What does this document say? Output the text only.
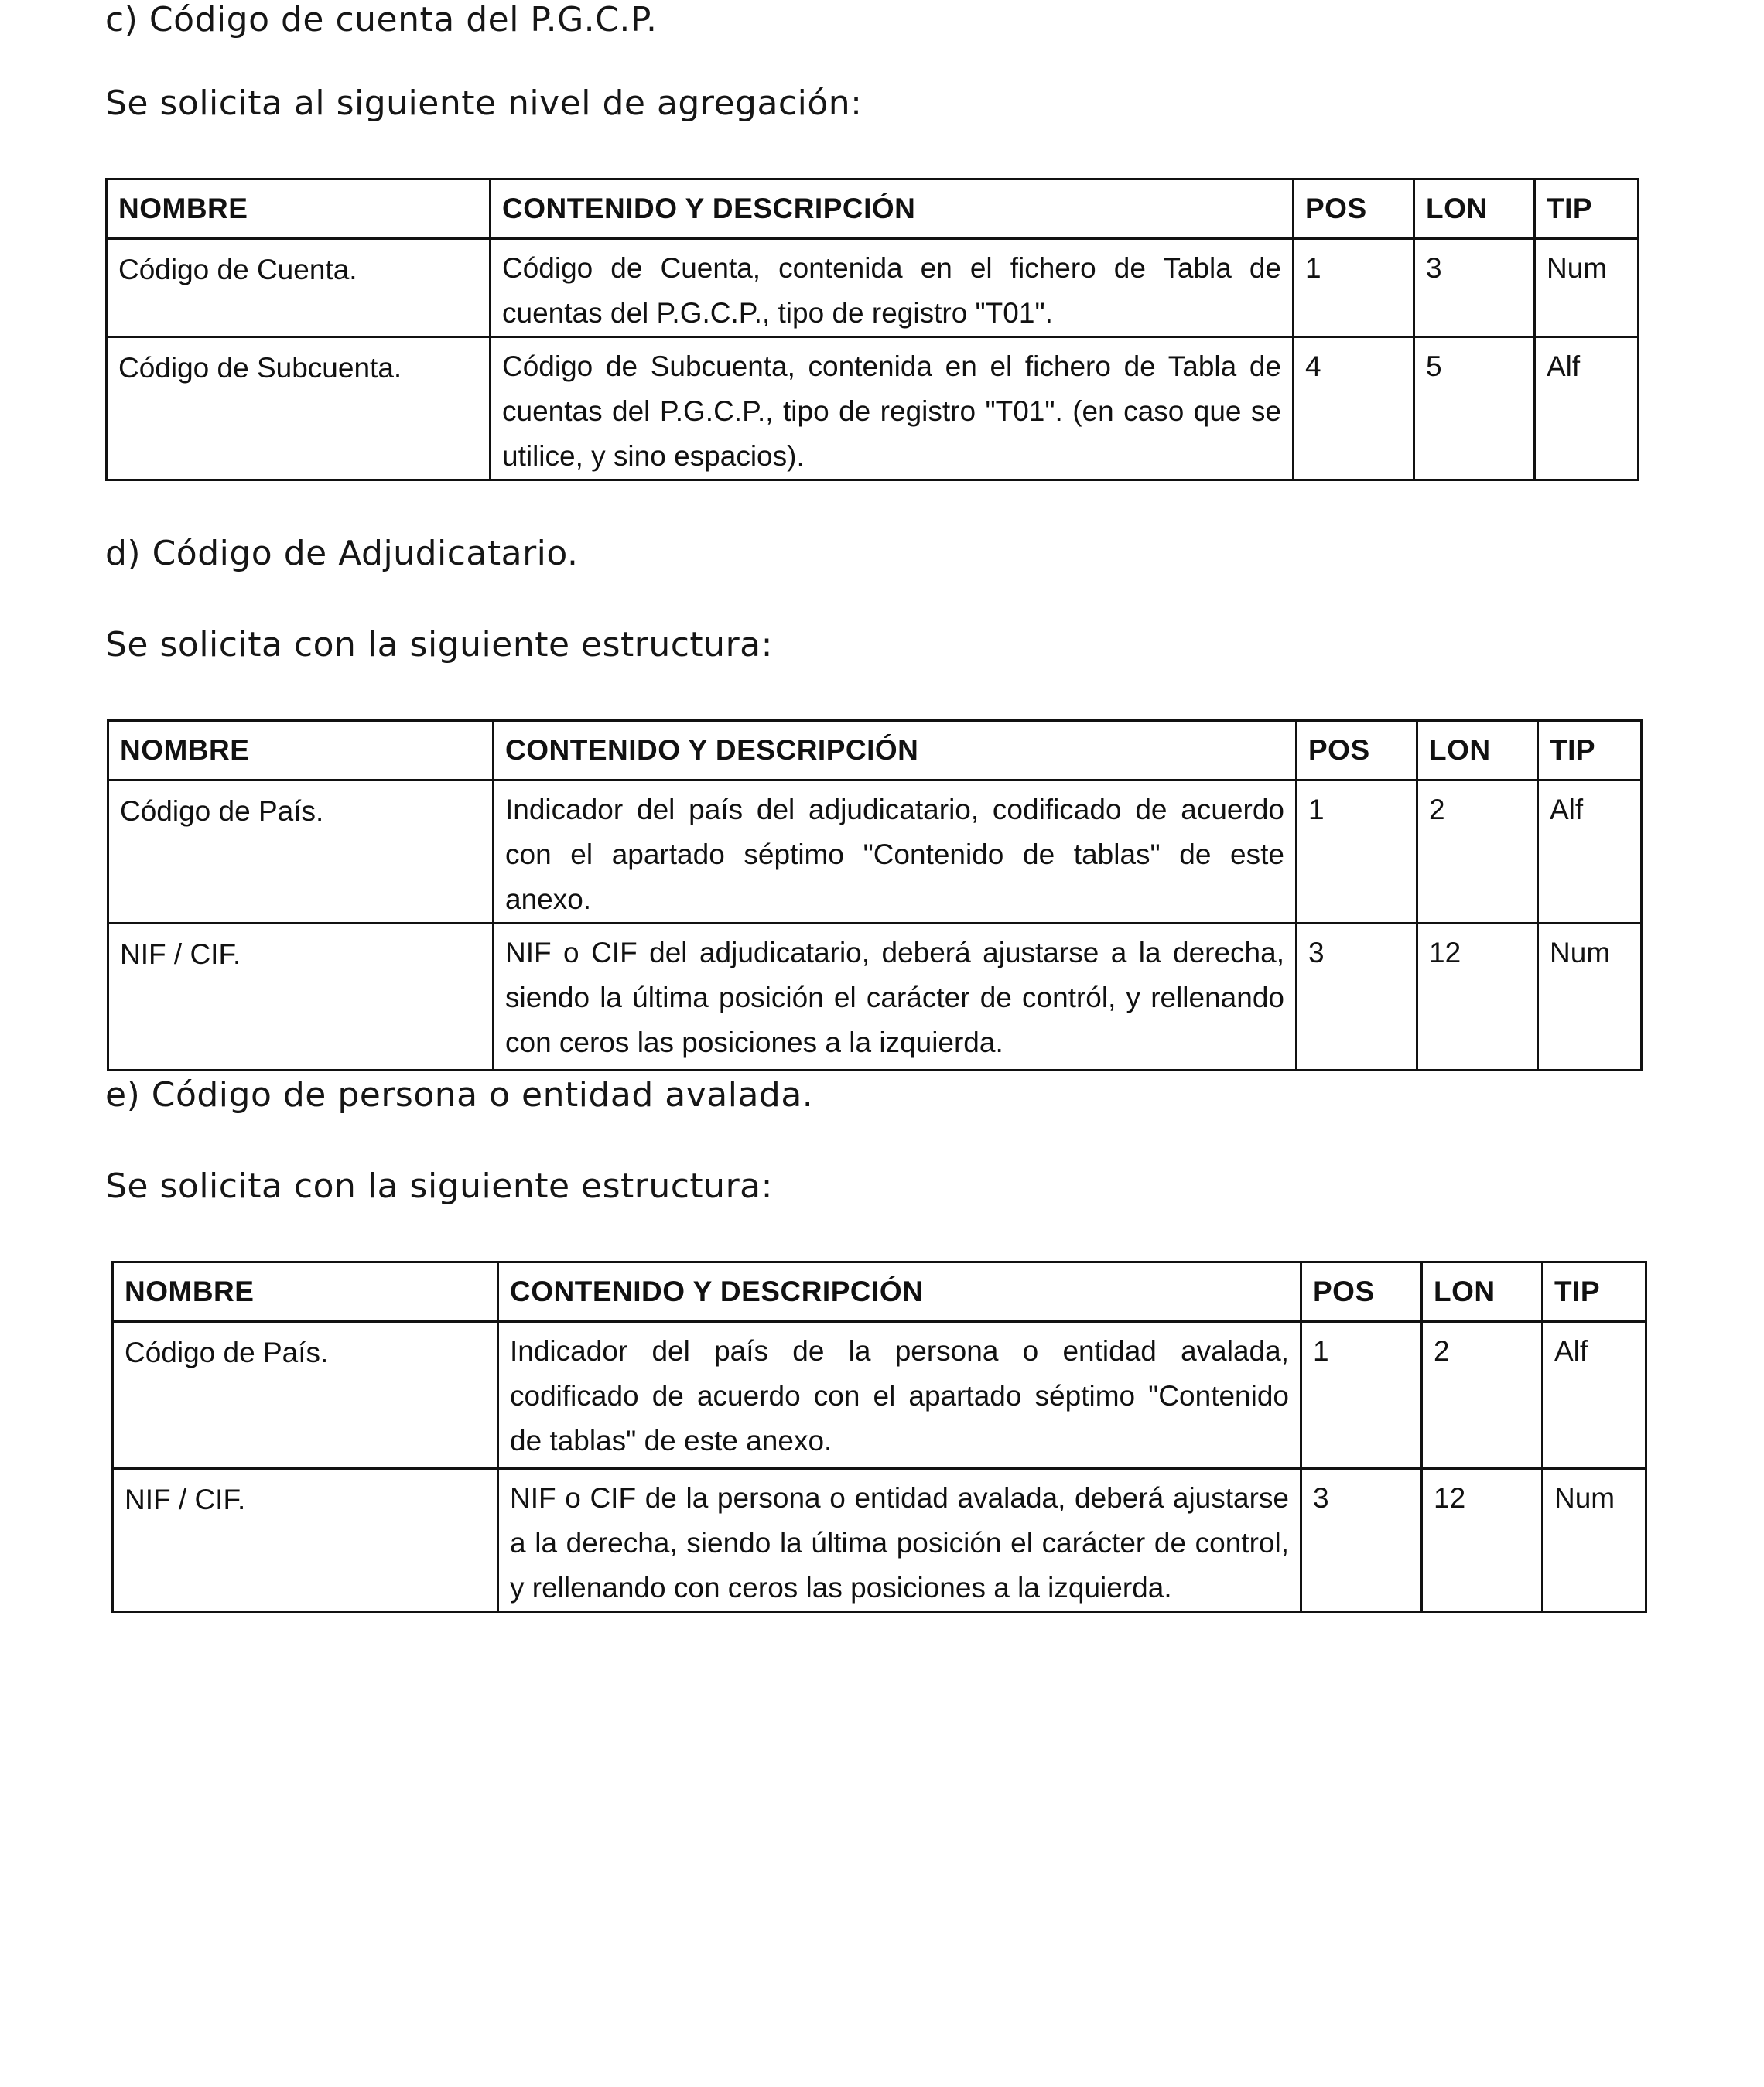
c) Código de cuenta del P.G.C.P.
Se solicita al siguiente nivel de agregación:
NOMBRE	CONTENIDO Y DESCRIPCIÓN	POS	LON	TIP
Código de Cuenta.	Código de Cuenta, contenida en el fichero de Tabla de cuentas del P.G.C.P., tipo de registro "T01".	1	3	Num
Código de Subcuenta.	Código de Subcuenta, contenida en el fichero de Tabla de cuentas del P.G.C.P., tipo de registro "T01". (en caso que se utilice, y sino espacios).	4	5	Alf
d) Código de Adjudicatario.
Se solicita con la siguiente estructura:
NOMBRE	CONTENIDO Y DESCRIPCIÓN	POS	LON	TIP
Código de País.	Indicador del país del adjudicatario, codificado de acuerdo con el apartado séptimo "Contenido de tablas" de este anexo.	1	2	Alf
NIF / CIF.	NIF o CIF del adjudicatario, deberá ajustarse a la derecha, siendo la última posición el carácter de contról, y rellenando con ceros las posiciones a la izquierda.	3	12	Num
e) Código de persona o entidad avalada.
Se solicita con la siguiente estructura:
NOMBRE	CONTENIDO Y DESCRIPCIÓN	POS	LON	TIP
Código de País.	Indicador del país de la persona o entidad avalada, codificado de acuerdo con el apartado séptimo "Contenido de tablas" de este anexo.	1	2	Alf
NIF / CIF.	NIF o CIF de la persona o entidad avalada, deberá ajustarse a la derecha, siendo la última posición el carácter de control, y rellenando con ceros las posiciones a la izquierda.	3	12	Num
